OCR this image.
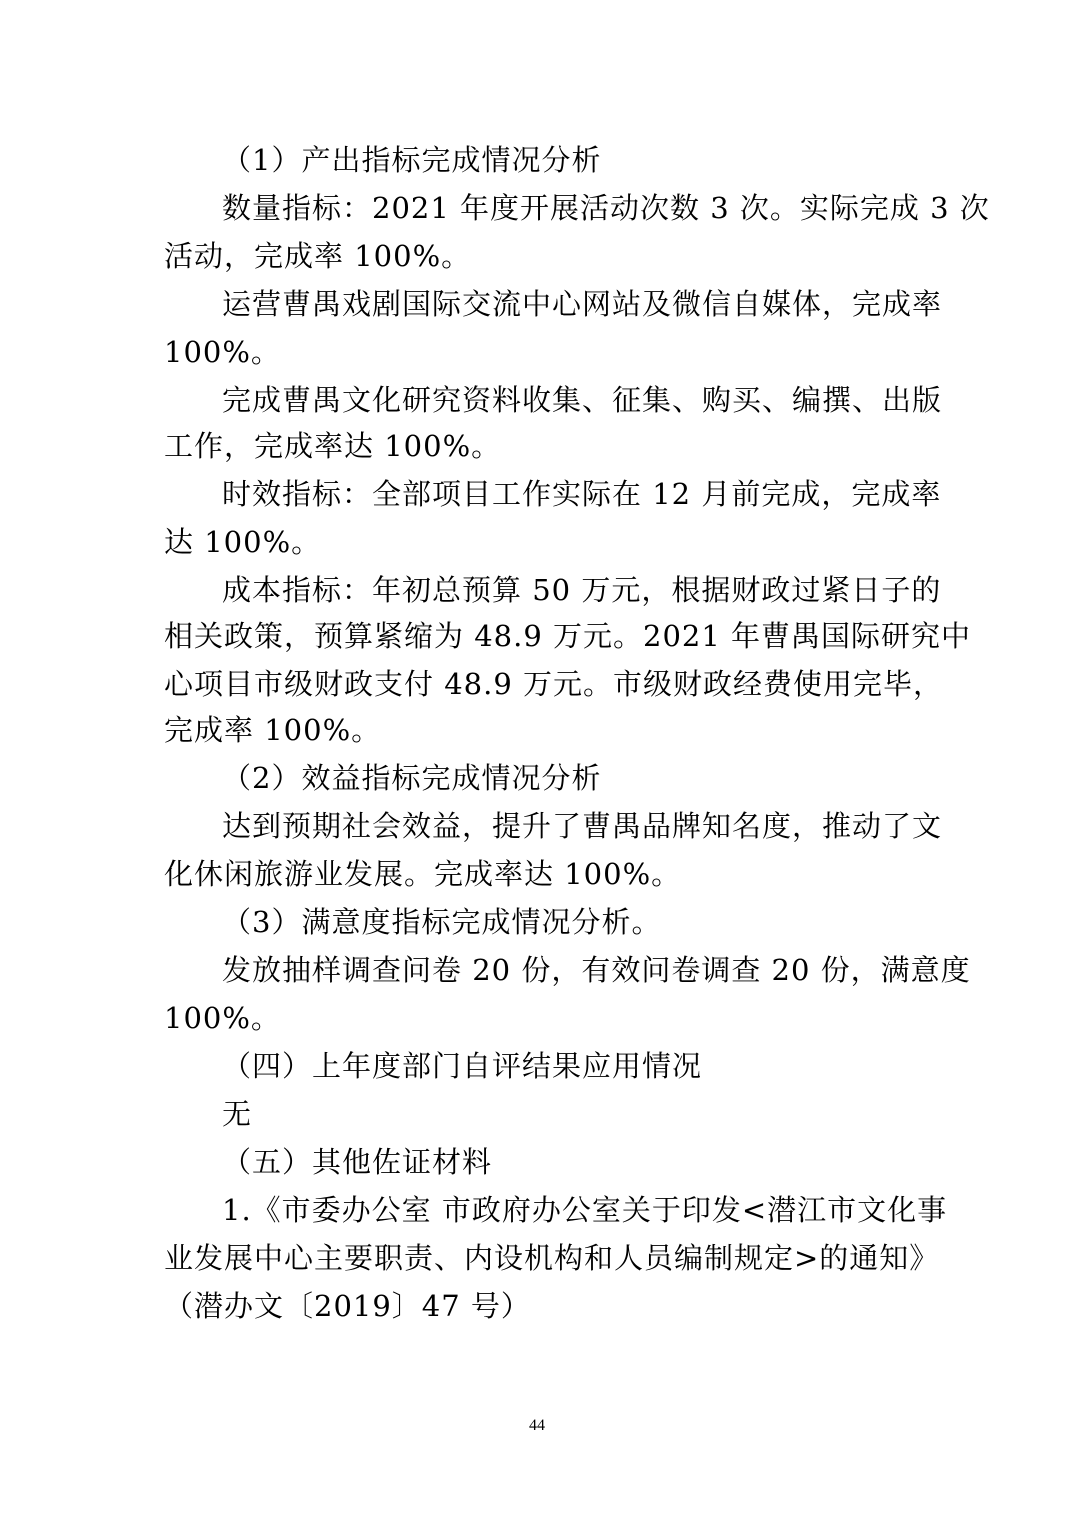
（1）产出指标完成情况分析
数量指标：2021 年度开展活动次数 3 次。实际完成 3 次
活动，完成率 100%。
运营曹禺戏剧国际交流中心网站及微信自媒体，完成率
100%。
完成曹禺文化研究资料收集、征集、购买、编撰、出版
工作，完成率达 100%。
时效指标：全部项目工作实际在 12 月前完成，完成率
达 100%。
成本指标：年初总预算 50 万元，根据财政过紧日子的
相关政策，预算紧缩为 48.9 万元。2021 年曹禺国际研究中
心项目市级财政支付 48.9 万元。市级财政经费使用完毕，
完成率 100%。
（2）效益指标完成情况分析
达到预期社会效益，提升了曹禺品牌知名度，推动了文
化休闲旅游业发展。完成率达 100%。
（3）满意度指标完成情况分析。
发放抽样调查问卷 20 份，有效问卷调查 20 份，满意度
100%。
（四）上年度部门自评结果应用情况
无
（五）其他佐证材料
1.《市委办公室 市政府办公室关于印发<潜江市文化事
业发展中心主要职责、内设机构和人员编制规定>的通知》
（潜办文〔2019〕47 号）
44
